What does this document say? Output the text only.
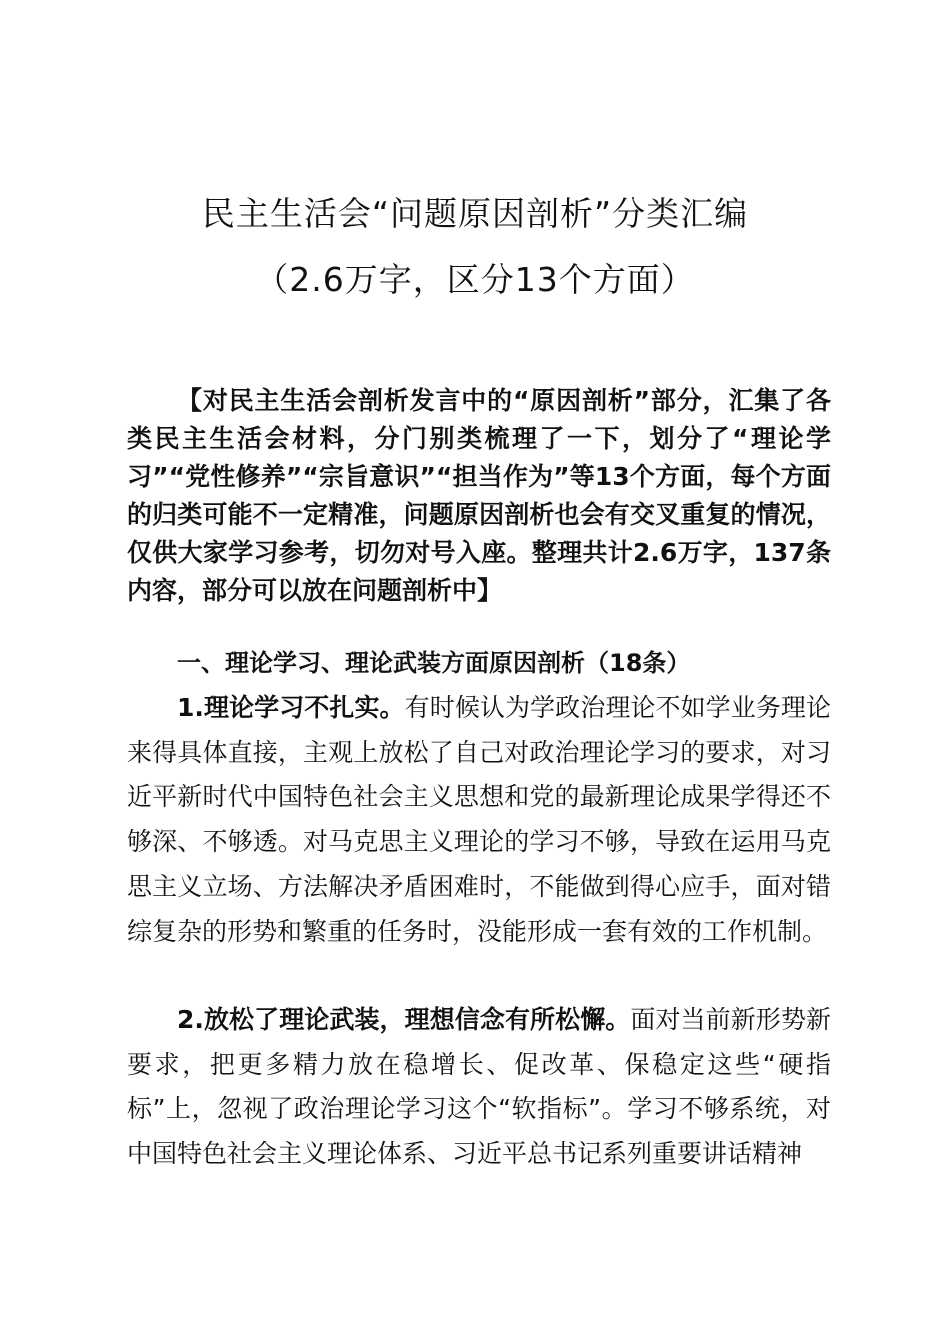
民主生活会“问题原因剖析”分类汇编
（2.6万字，区分13个方面）
【对民主生活会剖析发言中的“原因剖析”部分，汇集了各类民主生活会材料，分门别类梳理了一下，划分了“理论学习”“党性修养”“宗旨意识”“担当作为”等13个方面，每个方面的归类可能不一定精准，问题原因剖析也会有交叉重复的情况，仅供大家学习参考，切勿对号入座。整理共计2.6万字，137条内容，部分可以放在问题剖析中】
一、理论学习、理论武装方面原因剖析（18条）
1.理论学习不扎实。有时候认为学政治理论不如学业务理论来得具体直接，主观上放松了自己对政治理论学习的要求，对习近平新时代中国特色社会主义思想和党的最新理论成果学得还不够深、不够透。对马克思主义理论的学习不够，导致在运用马克思主义立场、方法解决矛盾困难时，不能做到得心应手，面对错综复杂的形势和繁重的任务时，没能形成一套有效的工作机制。
2.放松了理论武装，理想信念有所松懈。面对当前新形势新要求，把更多精力放在稳增长、促改革、保稳定这些“硬指标”上，忽视了政治理论学习这个“软指标”。学习不够系统，对中国特色社会主义理论体系、习近平总书记系列重要讲话精神
